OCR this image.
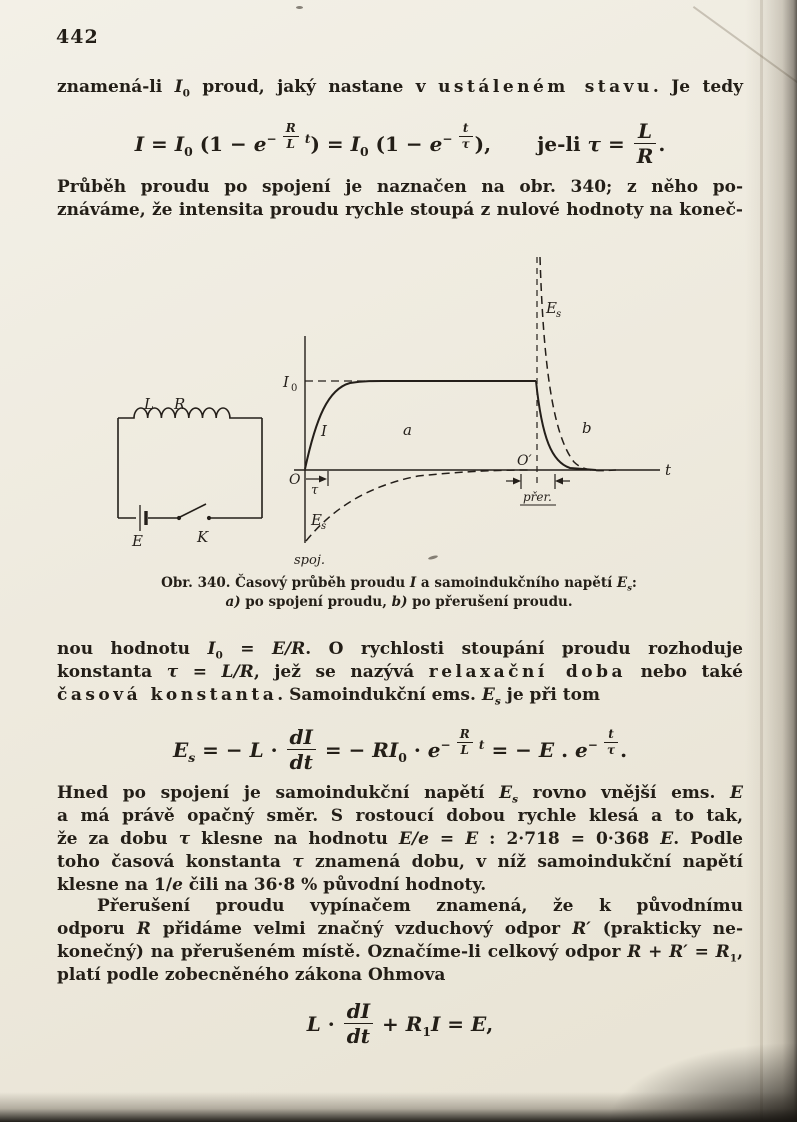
442
znamená-li $I_0$ proud, jaký nastane v ustáleném stavu. Je tedy
$I = I_0$ $(1 - e^{- \frac{R}{L} t}) = I_0$ ($1 - e^{- \frac{t}{\tau}}$ ), je-li $\tau = \frac{L}{R}$ .
Průběh proudu po spojení je naznačen na obr. 340; z něho po-
znáváme, že intensita proudu rychle stoupá z nulové hodnoty na koneč-
L R
E	K
I 0
I	a	b
E s
E s
O
O′	t
τ	přer.
spoj.
Obr. 340. Časový průběh proudu I a samoindukčního napětí $E_s$:
a) po spojení proudu, b) po přerušení proudu.
nou hodnotu $I_0 = E/R$. O rychlosti stoupání proudu rozhoduje
konstanta τ = L/R, jež se nazývá relaxační doba nebo také
časová konstanta. Samoindukční ems. $E_s$ je při tom
$E_s$ = − $L \cdot \frac{dI}{dt}$ = − $RI_0 \cdot e^{- \frac{R}{L} t}$ = − E . $e^{- \frac{t}{\tau}}$ .
Hned po spojení je samoindukční napětí $E_s$ rovno vnější ems. E
a má právě opačný směr. S rostoucí dobou rychle klesá a to tak,
že za dobu τ klesne na hodnotu E/e = E : 2·718 = 0·368 E. Podle
toho časová konstanta τ znamená dobu, v níž samoindukční napětí
klesne na 1/e čili na 36·8 % původní hodnoty.
Přerušení proudu vypínačem znamená, že k původnímu
odporu R přidáme velmi značný vzduchový odpor R′ (prakticky ne-
konečný) na přerušeném místě. Označíme-li celkový odpor $R + R' = R_1$,
platí podle zobecněného zákona Ohmova
$L \cdot \frac{dI}{dt} + R_1I = E$,
